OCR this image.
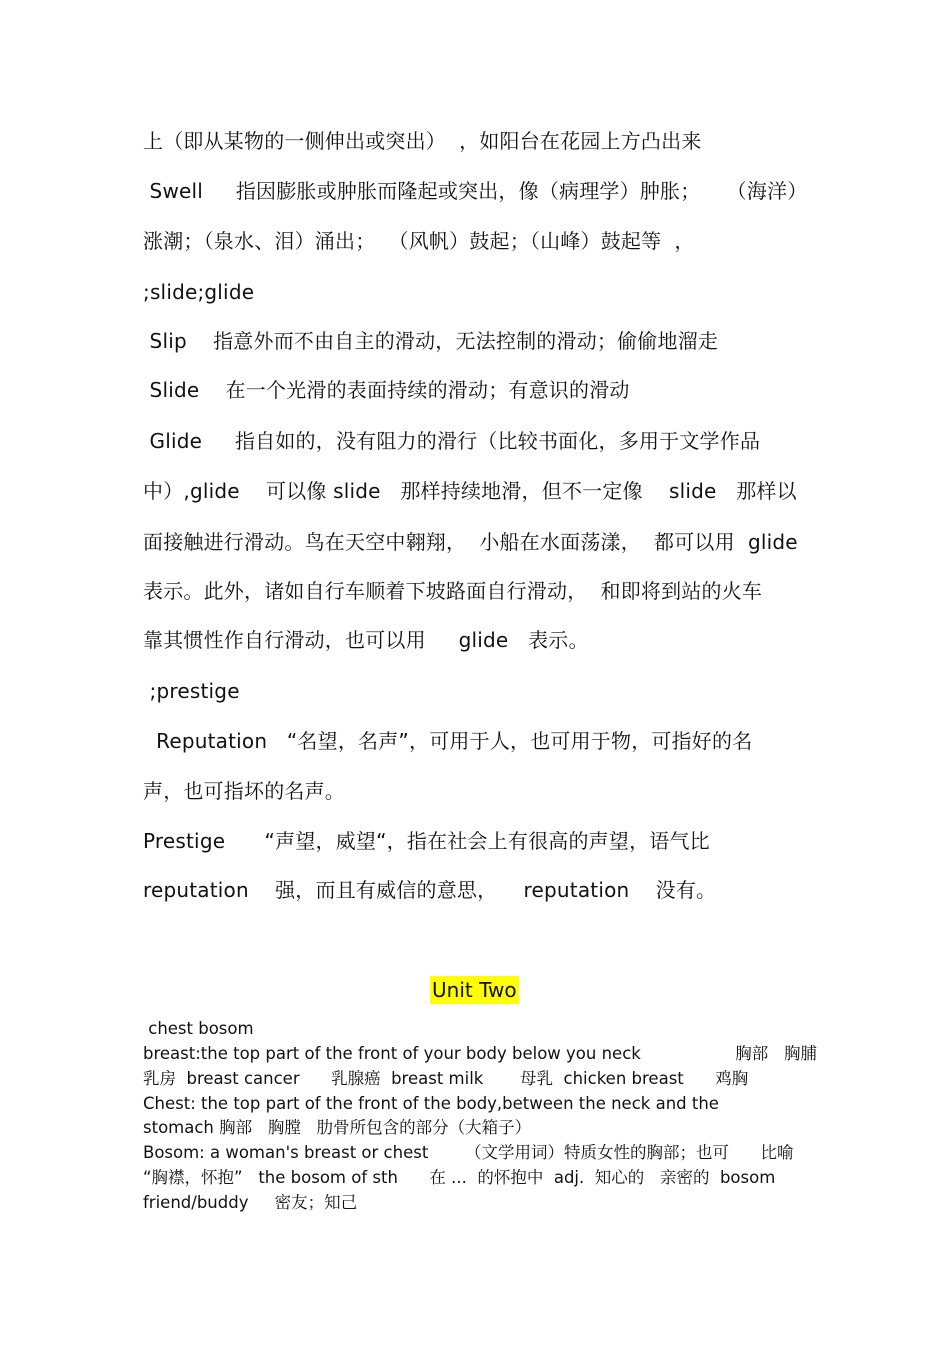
上（即从某物的一侧伸出或突出）  ，如阳台在花园上方凸出来
Swell     指因膨胀或肿胀而隆起或突出，像（病理学）肿胀；    （海洋）
涨潮；（泉水、泪）涌出；  （风帆）鼓起；（山峰）鼓起等  ，
;slide;glide
Slip    指意外而不由自主的滑动，无法控制的滑动；偷偷地溜走
Slide    在一个光滑的表面持续的滑动；有意识的滑动
Glide     指自如的，没有阻力的滑行（比较书面化，多用于文学作品
中）,glide    可以像 slide   那样持续地滑，但不一定像    slide   那样以
面接触进行滑动。鸟在天空中翱翔，  小船在水面荡漾，  都可以用  glide
表示。此外，诸如自行车顺着下坡路面自行滑动，  和即将到站的火车
靠其惯性作自行滑动，也可以用     glide   表示。
;prestige
Reputation   “名望，名声”，可用于人，也可用于物，可指好的名
声，也可指坏的名声。
Prestige      “声望，威望“，指在社会上有很高的声望，语气比
reputation    强，而且有威信的意思，    reputation    没有。
Unit Two
chest bosom
breast:the top part of the front of your body below you neck                  胸部   胸脯
乳房  breast cancer      乳腺癌  breast milk       母乳  chicken breast      鸡胸
Chest: the top part of the front of the body,between the neck and the
stomach 胸部   胸膛   肋骨所包含的部分（大箱子）
Bosom: a woman's breast or chest       （文学用词）特质女性的胸部；也可      比喻
“胸襟，怀抱”   the bosom of sth      在 ...  的怀抱中  adj.  知心的   亲密的  bosom
friend/buddy     密友；知己
